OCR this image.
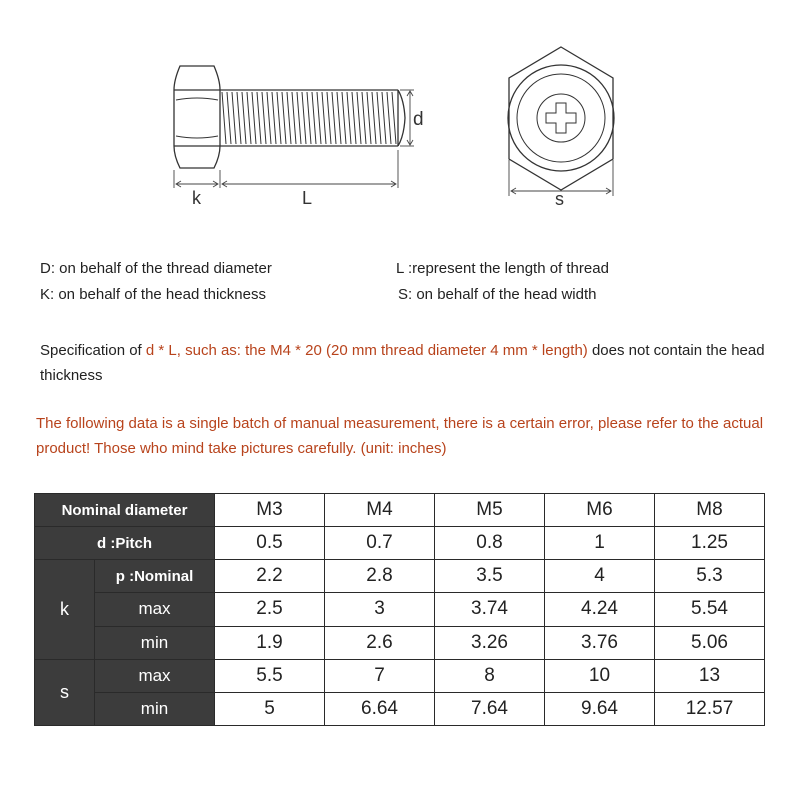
d
k	L	s
D: on behalf of the thread diameter	L :represent the length of thread
K: on behalf of the head thickness	S: on behalf of the head width
Specification of d * L, such as: the M4 * 20 (20 mm thread diameter 4 mm * length) does not contain the head thickness
The following data is a single batch of manual measurement, there is a certain error, please refer to the actual product! Those who mind take pictures carefully. (unit: inches)
Nominal diameter		M3	M4	M5	M6	M8
d :Pitch		0.5	0.7	0.8	1	1.25
k	p :Nominal	2.2	2.8	3.5	4	5.3
	max	2.5	3	3.74	4.24	5.54
	min	1.9	2.6	3.26	3.76	5.06
s	max	5.5	7	8	10	13
	min	5	6.64	7.64	9.64	12.57
